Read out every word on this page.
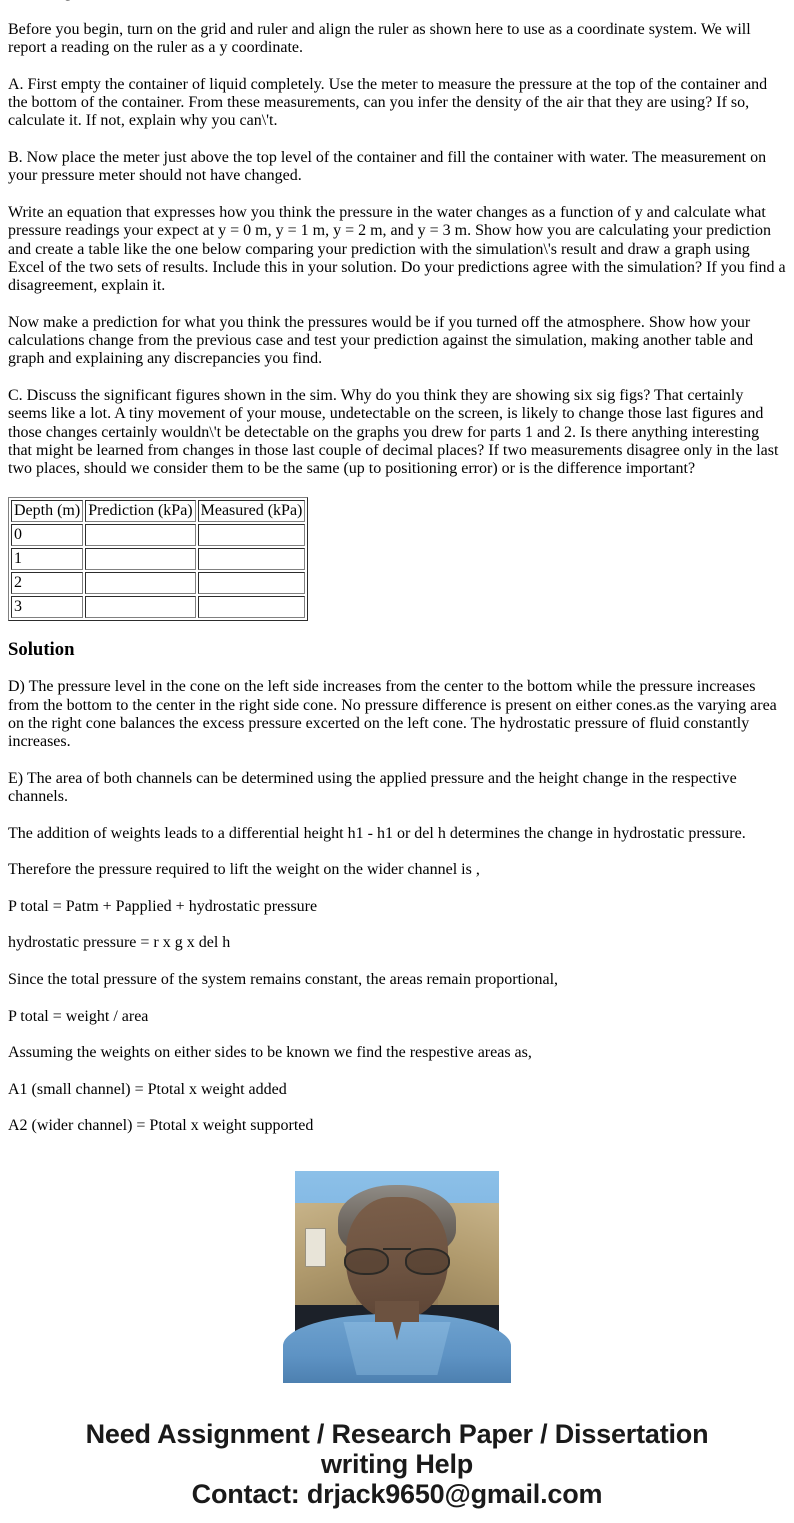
Before you begin, turn on the grid and ruler and align the ruler as shown here to use as a coordinate system. We will report a reading on the ruler as a y coordinate.

A. First empty the container of liquid completely. Use the meter to measure the pressure at the top of the container and the bottom of the container. From these measurements, can you infer the density of the air that they are using? If so, calculate it. If not, explain why you can\'t.

B. Now place the meter just above the top level of the container and fill the container with water. The measurement on your pressure meter should not have changed.

Write an equation that expresses how you think the pressure in the water changes as a function of y and calculate what pressure readings your expect at y = 0 m, y = 1 m, y = 2 m, and y = 3 m. Show how you are calculating your prediction and create a table like the one below comparing your prediction with the simulation\'s result and draw a graph using Excel of the two sets of results. Include this in your solution. Do your predictions agree with the simulation? If you find a disagreement, explain it.

Now make a prediction for what you think the pressures would be if you turned off the atmosphere. Show how your calculations change from the previous case and test your prediction against the simulation, making another table and graph and explaining any discrepancies you find.

C. Discuss the significant figures shown in the sim. Why do you think they are showing six sig figs? That certainly seems like a lot. A tiny movement of your mouse, undetectable on the screen, is likely to change those last figures and those changes certainly wouldn\'t be detectable on the graphs you drew for parts 1 and 2. Is there anything interesting that might be learned from changes in those last couple of decimal places? If two measurements disagree only in the last two places, should we consider them to be the same (up to positioning error) or is the difference important?

Depth (m)	Prediction (kPa)	Measured (kPa)
0		
1		
2		
3		
Solution

D) The pressure level in the cone on the left side increases from the center to the bottom while the pressure increases from the bottom to the center in the right side cone. No pressure difference is present on either cones.as the varying area on the right cone balances the excess pressure excerted on the left cone. The hydrostatic pressure of fluid constantly increases.

E) The area of both channels can be determined using the applied pressure and the height change in the respective channels.

The addition of weights leads to a differential height h1 - h1 or del h determines the change in hydrostatic pressure.

Therefore the pressure required to lift the weight on the wider channel is ,

P total = Patm + Papplied + hydrostatic pressure

hydrostatic pressure = r x g x del h

Since the total pressure of the system remains constant, the areas remain proportional,

P total = weight / area

Assuming the weights on either sides to be known we find the respestive areas as,

A1 (small channel) = Ptotal x weight added

A2 (wider channel) = Ptotal x weight supported

Need Assignment / Research Paper / Dissertation
writing Help
Contact: drjack9650@gmail.com
